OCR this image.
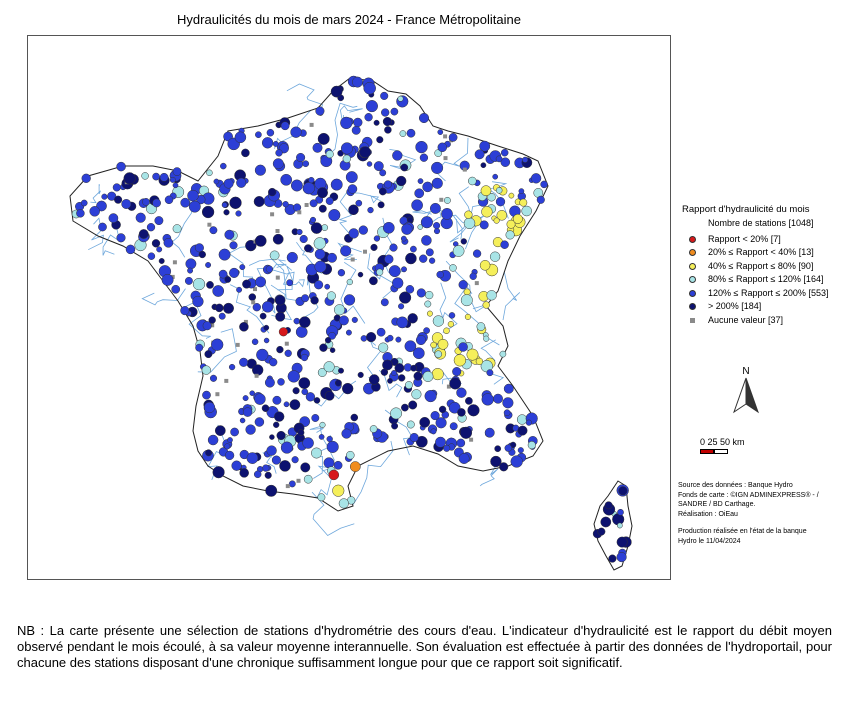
Hydraulicités du mois de mars 2024 - France Métropolitaine
Rapport d'hydraulicité du mois
Nombre de stations [1048]
Rapport < 20% [7]
20% ≤ Rapport < 40% [13]
40% ≤ Rapport ≤ 80% [90]
80% ≤ Rapport ≤ 120% [164]
120% ≤ Rapport ≤ 200% [553]
> 200% [184]
Aucune valeur [37]
N
0 25 50 km
Source des données : Banque Hydro
Fonds de carte : ©IGN ADMINEXPRESS® - /
SANDRE / BD Carthage.
Réalisation : OiEau
Production réalisée en l'état de la banque
Hydro le 11/04/2024
NB : La carte présente une sélection de stations d'hydrométrie des cours d'eau. L'indicateur d'hydraulicité est le rapport du débit moyen observé pendant le mois écoulé, à sa valeur moyenne interannuelle. Son évaluation est effectuée à partir des données de l'hydroportail, pour chacune des stations disposant d'une chronique suffisamment longue pour que ce rapport soit significatif.
